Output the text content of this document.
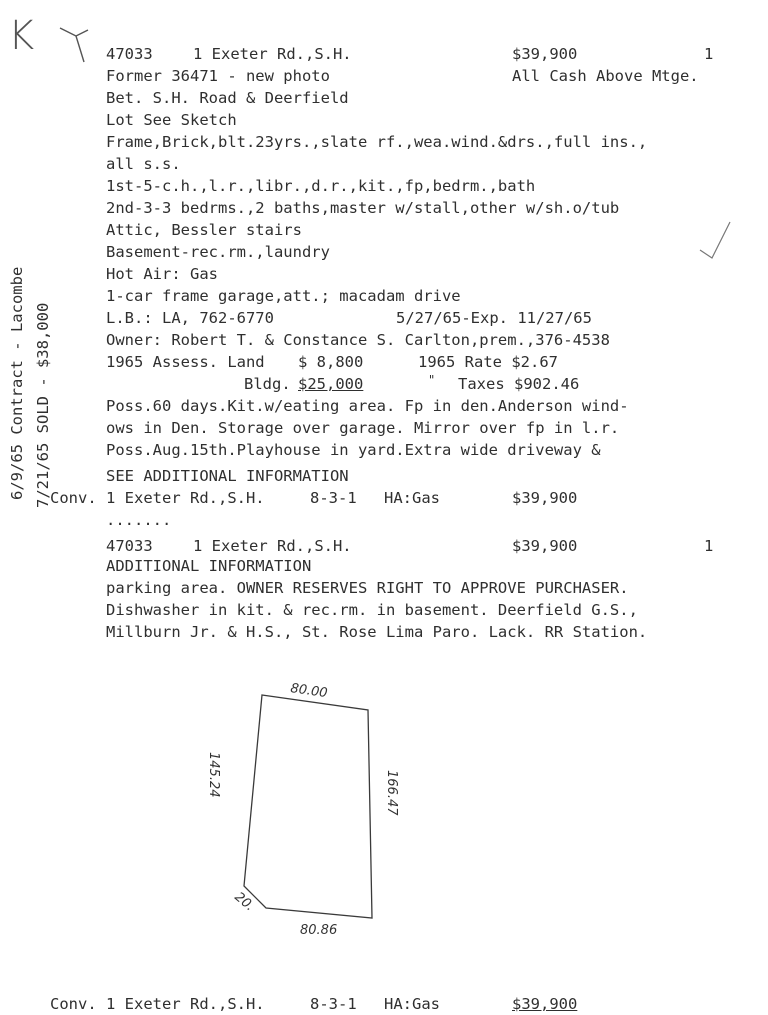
K	47033	1 Exeter Rd.,S.H.	$39,900	1
Former 36471 - new photo	All Cash Above Mtge.
Bet. S.H. Road & Deerfield
Lot See Sketch
Frame,Brick,blt.23yrs.,slate rf.,wea.wind.&drs.,full ins.,
all s.s.
1st-5-c.h.,l.r.,libr.,d.r.,kit.,fp,bedrm.,bath
2nd-3-3 bedrms.,2 baths,master w/stall,other w/sh.o/tub
Attic, Bessler stairs
Basement-rec.rm.,laundry
Hot Air: Gas
1-car frame garage,att.; macadam drive
L.B.: LA, 762-6770	5/27/65-Exp. 11/27/65
Owner: Robert T. & Constance S. Carlton,prem.,376-4538
1965 Assess. Land $ 8,800	1965 Rate $2.67
Bldg. $25,000	" Taxes $902.46
Poss.60 days.Kit.w/eating area. Fp in den.Anderson wind-
ows in Den. Storage over garage. Mirror over fp in l.r.
Poss.Aug.15th.Playhouse in yard.Extra wide driveway &
SEE ADDITIONAL INFORMATION
6/9/65 Contract - Lacombe 7/21/65 SOLD - $38,000
Conv. 1 Exeter Rd.,S.H.	8-3-1 HA:Gas	$39,900
.......
47033	1 Exeter Rd.,S.H.	$39,900	1
ADDITIONAL INFORMATION
parking area. OWNER RESERVES RIGHT TO APPROVE PURCHASER.
Dishwasher in kit. & rec.rm. in basement. Deerfield G.S.,
Millburn Jr. & H.S., St. Rose Lima Paro. Lack. RR Station.
80.00
145.24	166.47
20.
80.86
Conv. 1 Exeter Rd.,S.H.	8-3-1 HA:Gas	$39,900
